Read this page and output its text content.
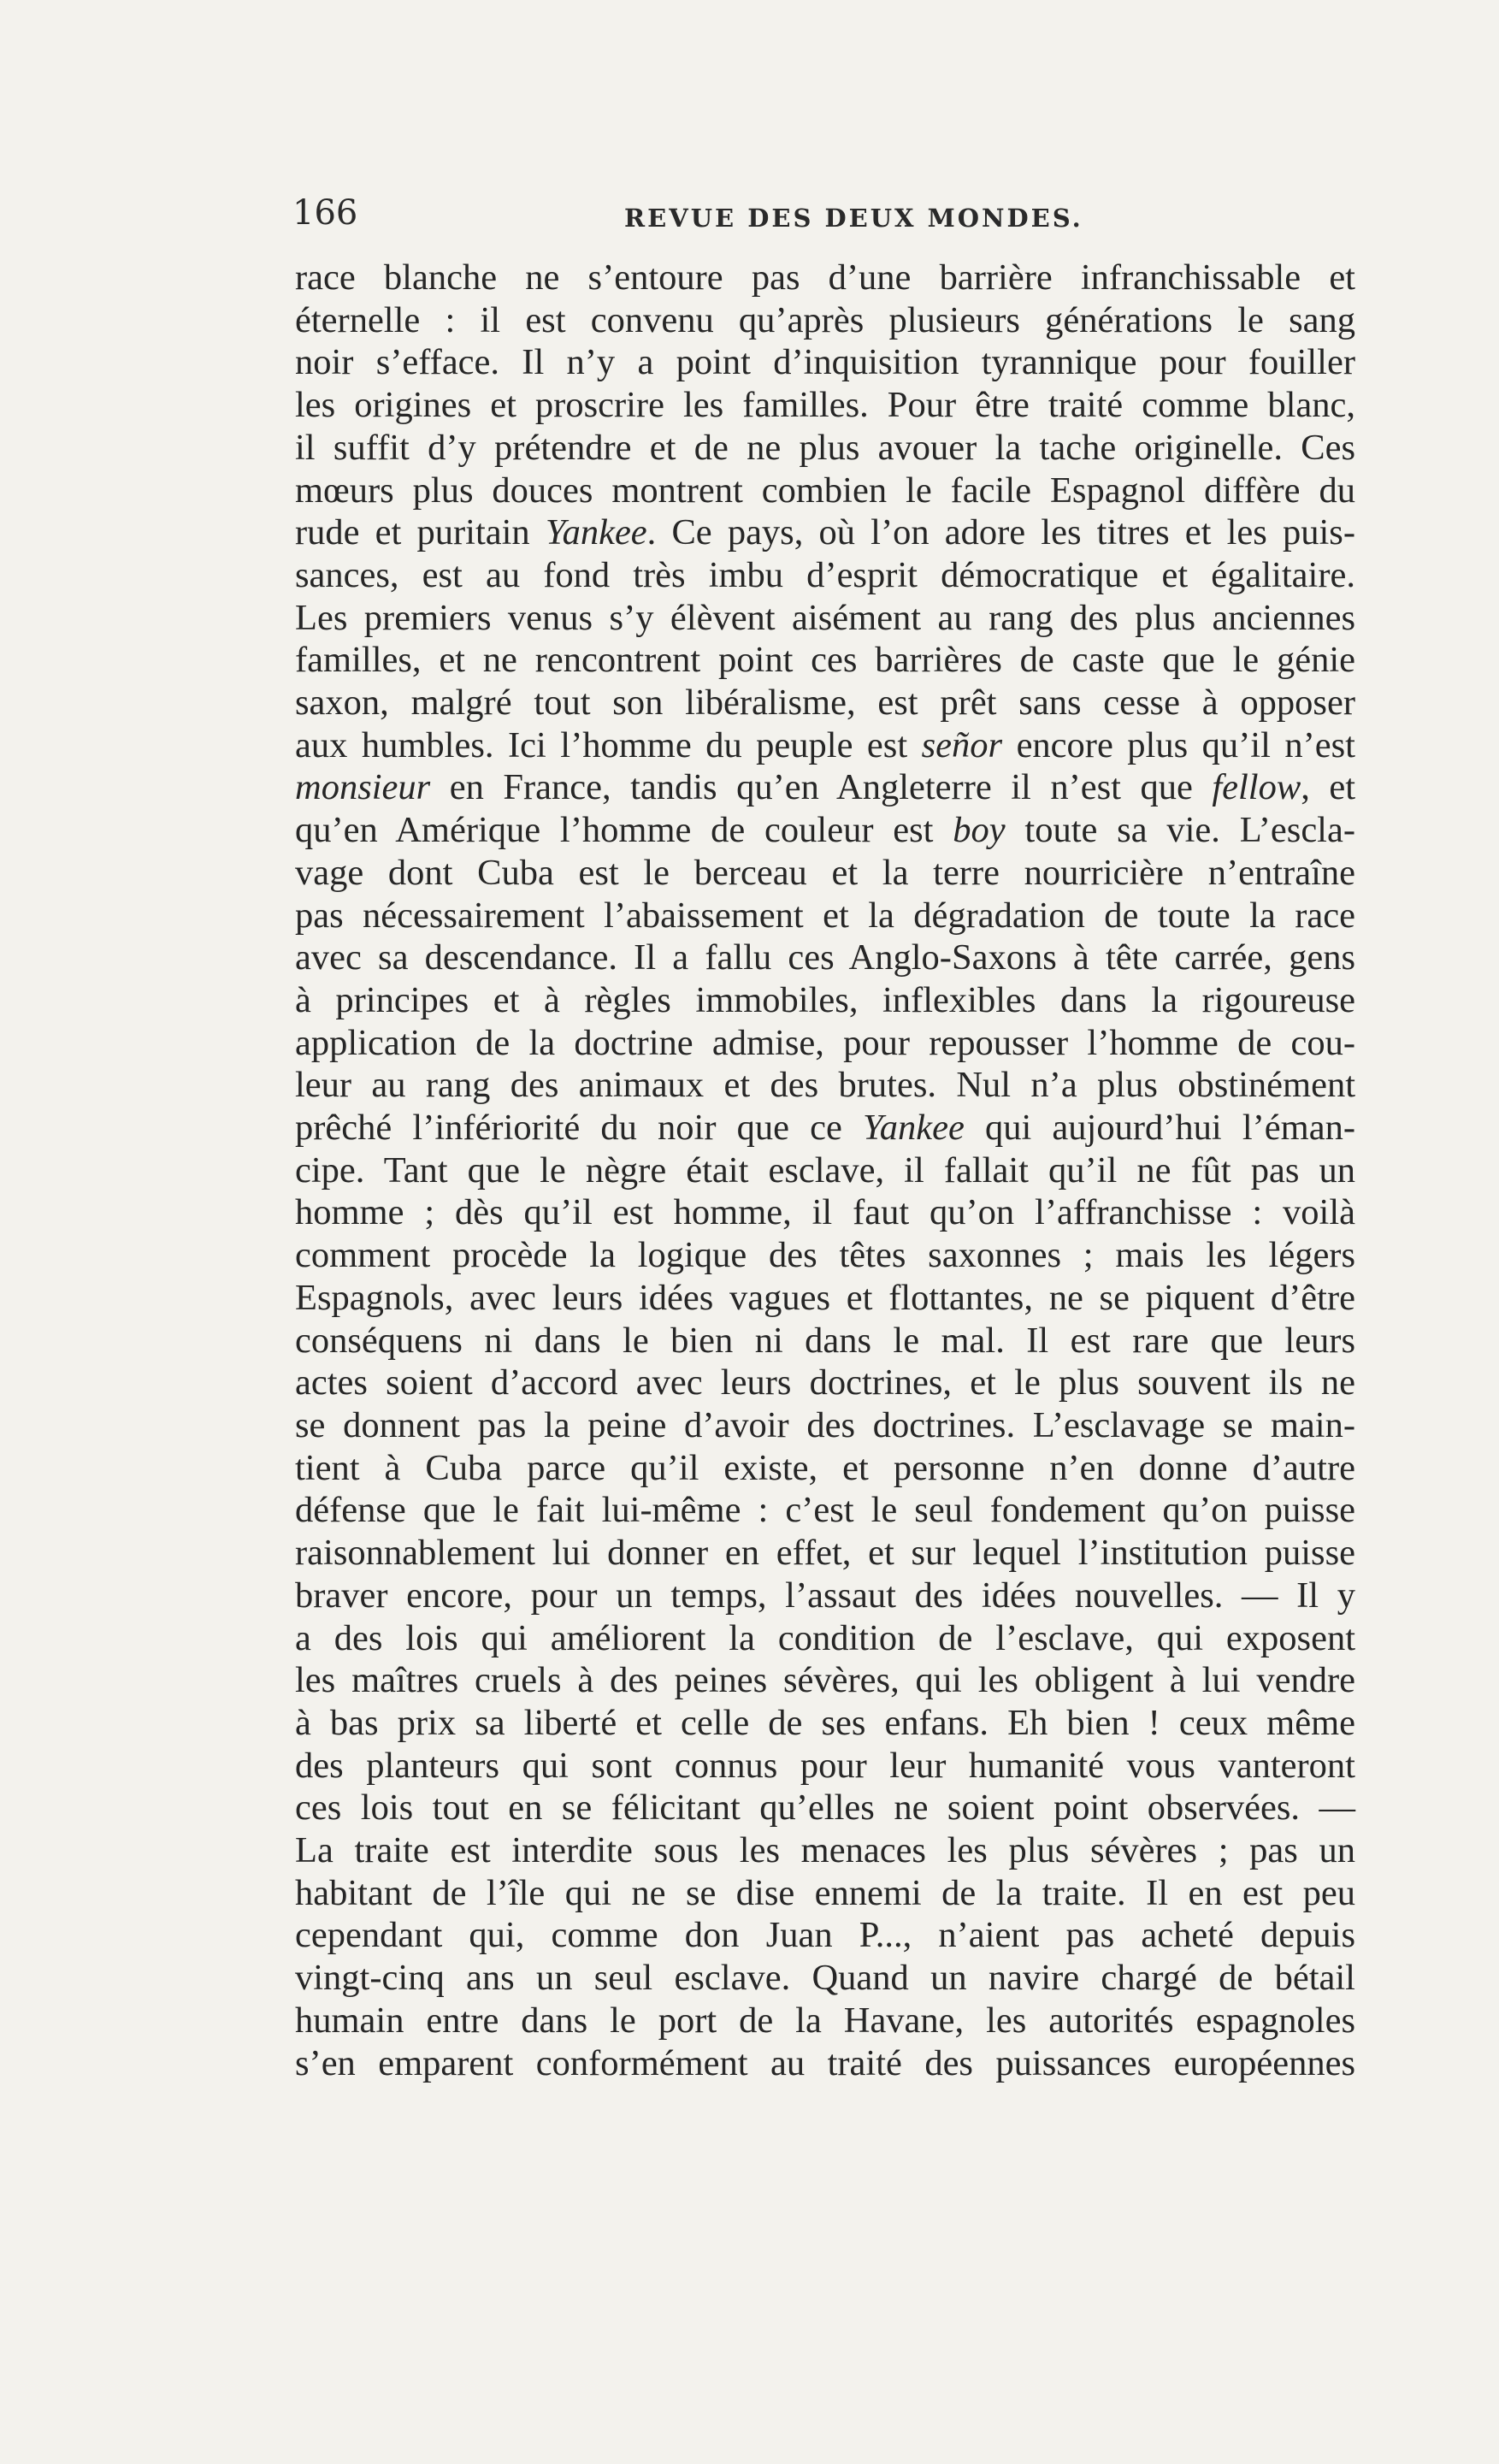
166	REVUE DES DEUX MONDES.
race blanche ne s’entoure pas d’une barrière infranchissable et
éternelle : il est convenu qu’après plusieurs générations le sang
noir s’efface. Il n’y a point d’inquisition tyrannique pour fouiller
les origines et proscrire les familles. Pour être traité comme blanc,
il suffit d’y prétendre et de ne plus avouer la tache originelle. Ces
mœurs plus douces montrent combien le facile Espagnol diffère du
rude et puritain Yankee. Ce pays, où l’on adore les titres et les puis-
sances, est au fond très imbu d’esprit démocratique et égalitaire.
Les premiers venus s’y élèvent aisément au rang des plus anciennes
familles, et ne rencontrent point ces barrières de caste que le génie
saxon, malgré tout son libéralisme, est prêt sans cesse à opposer
aux humbles. Ici l’homme du peuple est señor encore plus qu’il n’est
monsieur en France, tandis qu’en Angleterre il n’est que fellow, et
qu’en Amérique l’homme de couleur est boy toute sa vie. L’escla-
vage dont Cuba est le berceau et la terre nourricière n’entraîne
pas nécessairement l’abaissement et la dégradation de toute la race
avec sa descendance. Il a fallu ces Anglo-Saxons à tête carrée, gens
à principes et à règles immobiles, inflexibles dans la rigoureuse
application de la doctrine admise, pour repousser l’homme de cou-
leur au rang des animaux et des brutes. Nul n’a plus obstinément
prêché l’infériorité du noir que ce Yankee qui aujourd’hui l’éman-
cipe. Tant que le nègre était esclave, il fallait qu’il ne fût pas un
homme ; dès qu’il est homme, il faut qu’on l’affranchisse : voilà
comment procède la logique des têtes saxonnes ; mais les légers
Espagnols, avec leurs idées vagues et flottantes, ne se piquent d’être
conséquens ni dans le bien ni dans le mal. Il est rare que leurs
actes soient d’accord avec leurs doctrines, et le plus souvent ils ne
se donnent pas la peine d’avoir des doctrines. L’esclavage se main-
tient à Cuba parce qu’il existe, et personne n’en donne d’autre
défense que le fait lui-même : c’est le seul fondement qu’on puisse
raisonnablement lui donner en effet, et sur lequel l’institution puisse
braver encore, pour un temps, l’assaut des idées nouvelles. — Il y
a des lois qui améliorent la condition de l’esclave, qui exposent
les maîtres cruels à des peines sévères, qui les obligent à lui vendre
à bas prix sa liberté et celle de ses enfans. Eh bien ! ceux même
des planteurs qui sont connus pour leur humanité vous vanteront
ces lois tout en se félicitant qu’elles ne soient point observées. —
La traite est interdite sous les menaces les plus sévères ; pas un
habitant de l’île qui ne se dise ennemi de la traite. Il en est peu
cependant qui, comme don Juan P..., n’aient pas acheté depuis
vingt-cinq ans un seul esclave. Quand un navire chargé de bétail
humain entre dans le port de la Havane, les autorités espagnoles
s’en emparent conformément au traité des puissances européennes
